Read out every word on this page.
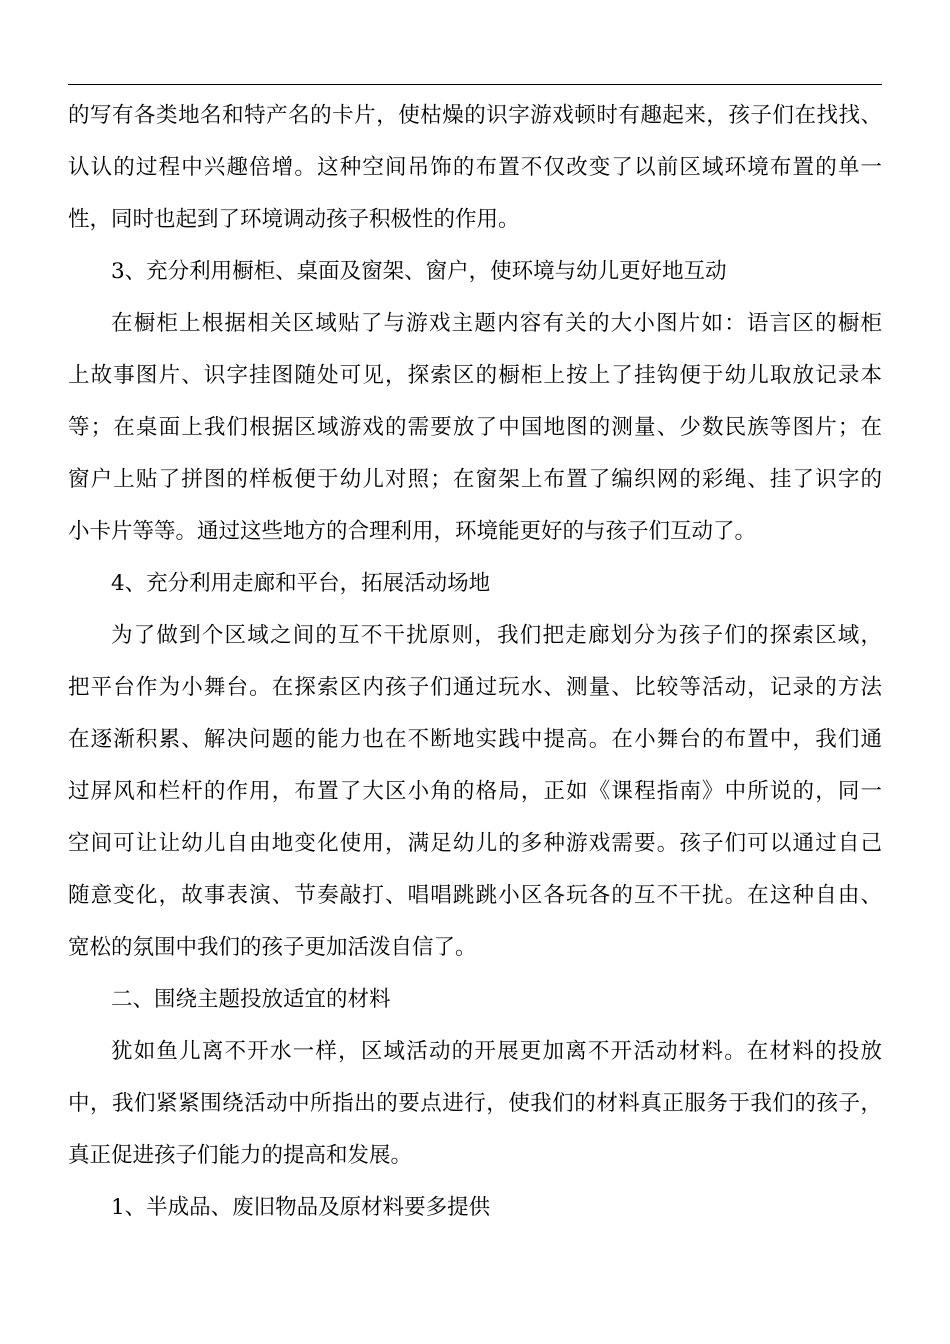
的写有各类地名和特产名的卡片，使枯燥的识字游戏顿时有趣起来，孩子们在找找、
认认的过程中兴趣倍增。这种空间吊饰的布置不仅改变了以前区域环境布置的单一
性，同时也起到了环境调动孩子积极性的作用。
3、充分利用橱柜、桌面及窗架、窗户，使环境与幼儿更好地互动
在橱柜上根据相关区域贴了与游戏主题内容有关的大小图片如：语言区的橱柜
上故事图片、识字挂图随处可见，探索区的橱柜上按上了挂钩便于幼儿取放记录本
等；在桌面上我们根据区域游戏的需要放了中国地图的测量、少数民族等图片；在
窗户上贴了拼图的样板便于幼儿对照；在窗架上布置了编织网的彩绳、挂了识字的
小卡片等等。通过这些地方的合理利用，环境能更好的与孩子们互动了。
4、充分利用走廊和平台，拓展活动场地
为了做到个区域之间的互不干扰原则，我们把走廊划分为孩子们的探索区域，
把平台作为小舞台。在探索区内孩子们通过玩水、测量、比较等活动，记录的方法
在逐渐积累、解决问题的能力也在不断地实践中提高。在小舞台的布置中，我们通
过屏风和栏杆的作用，布置了大区小角的格局，正如《课程指南》中所说的，同一
空间可让让幼儿自由地变化使用，满足幼儿的多种游戏需要。孩子们可以通过自己
随意变化，故事表演、节奏敲打、唱唱跳跳小区各玩各的互不干扰。在这种自由、
宽松的氛围中我们的孩子更加活泼自信了。
二、围绕主题投放适宜的材料
犹如鱼儿离不开水一样，区域活动的开展更加离不开活动材料。在材料的投放
中，我们紧紧围绕活动中所指出的要点进行，使我们的材料真正服务于我们的孩子，
真正促进孩子们能力的提高和发展。
1、半成品、废旧物品及原材料要多提供
